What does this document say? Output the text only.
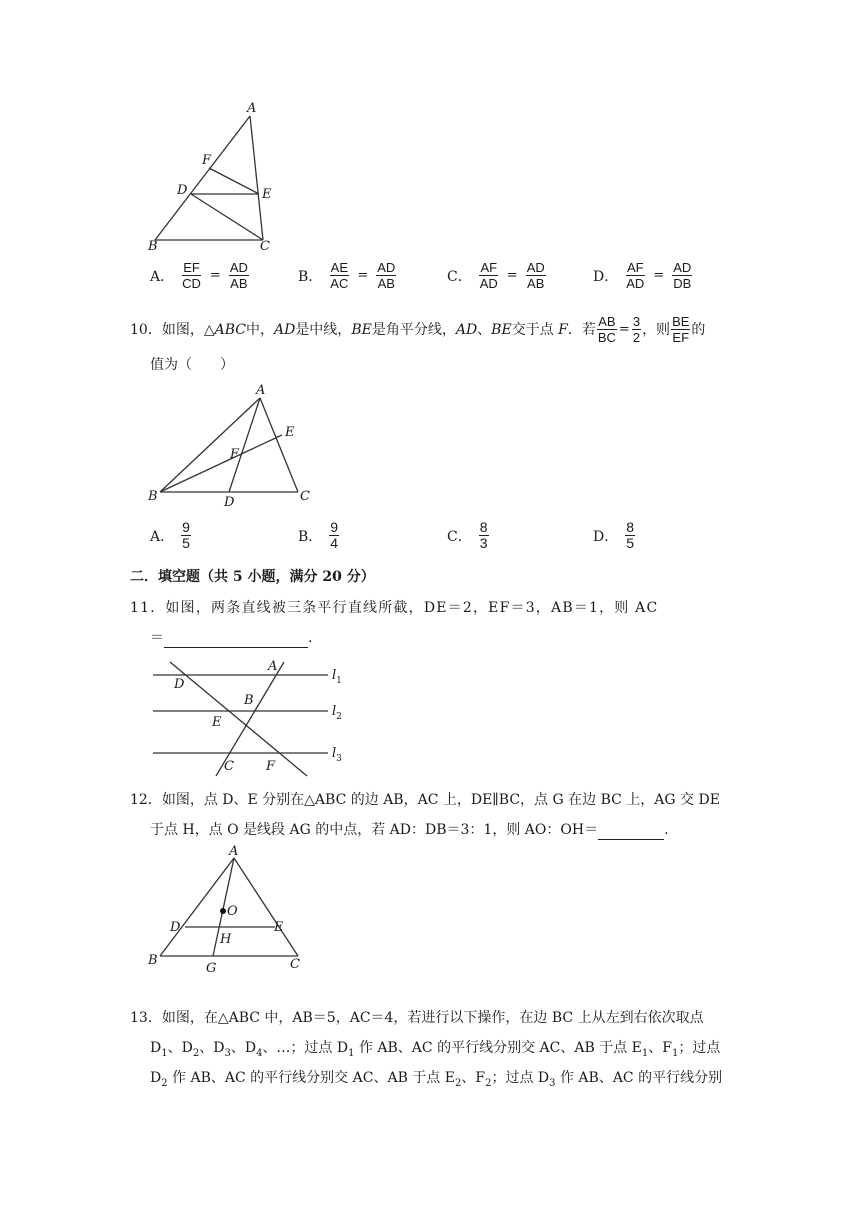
A
F
D	E
B	C
A． $\frac{EF}{CD} = \frac{AD}{AB}$	B． $\frac{AE}{AC} = \frac{AD}{AB}$	C． $\frac{AF}{AD} = \frac{AD}{AB}$	D． $\frac{AF}{AD} = \frac{AD}{DB}$
10．如图，△ ABC 中， AD 是中线， BE 是角平分线， AD 、 BE 交于点
F ．若 $\frac{AB}{BC} = \frac{3}{2}$ ，则 $\frac{BE}{EF}$ 的
值为（　　）
A
E
F
B	D	C
A． $\frac{9}{5}$	B． $\frac{9}{4}$	C． $\frac{8}{3}$	D． $\frac{8}{5}$
二．填空题（共 5 小题，满分 20 分）
11．如图，两条直线被三条平行直线所截，DE＝2，EF＝3，AB＝1，则 AC
＝	.
A
D
B
E
C F
$l_1$
$l_2$
$l_3$
12．如图，点 D、E 分别在△ABC 的边 AB，AC 上，DE∥BC，点 G 在边 BC 上，AG 交 DE
于点 H，点 O 是线段 AG 的中点，若 AD：DB＝3：1，则 AO：OH＝	.
A
O
D	E
H
B
G	C
13．如图，在△ABC 中，AB＝5，AC＝4，若进行以下操作，在边 BC 上从左到右依次取点
$D_1$、$D_2$、$D_3$、$D_4$、…；过点 $D_1$ 作 AB、AC 的平行线分别交 AC、AB 于点 $E_1$、$F_1$；过点
$D_2$ 作 AB、AC 的平行线分别交 AC、AB 于点 $E_2$、$F_2$；过点 $D_3$ 作 AB、AC 的平行线分别
